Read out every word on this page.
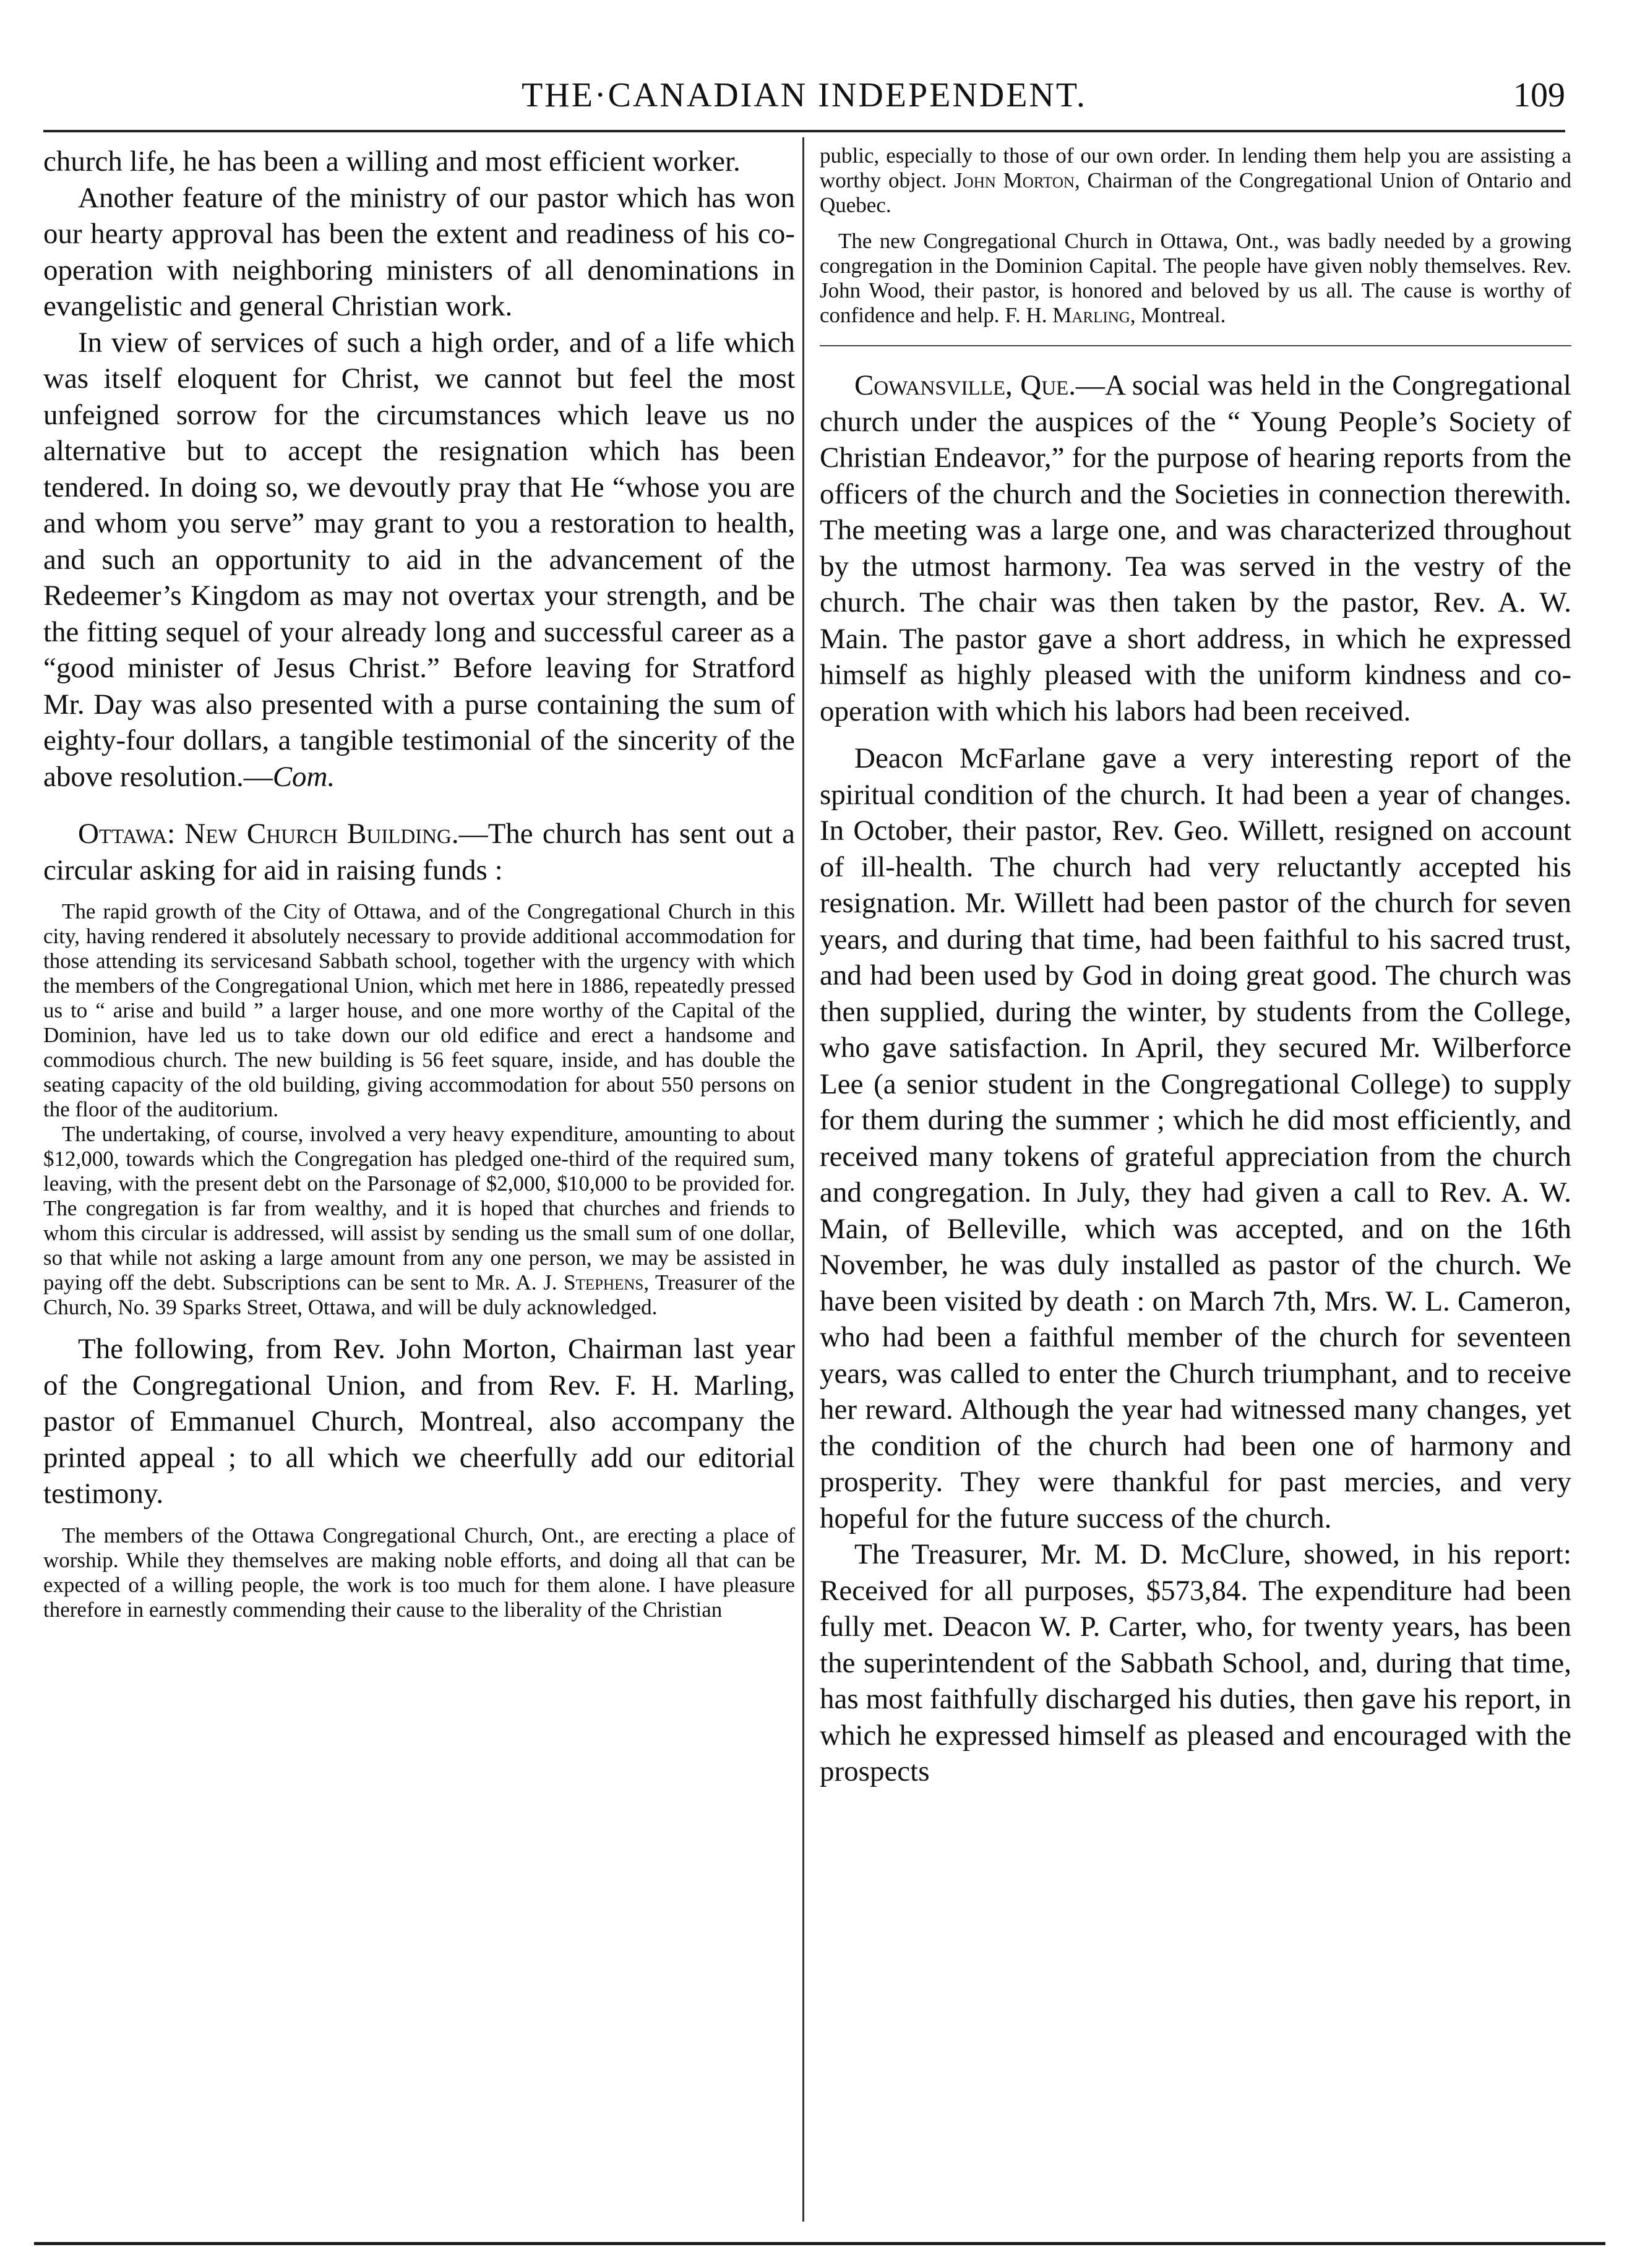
THE·CANADIAN INDEPENDENT.	109

church life, he has been a willing and most efficient worker.

Another feature of the ministry of our pastor which has won our hearty approval has been the extent and readiness of his co-operation with neighboring ministers of all denominations in evangelistic and general Christian work.

In view of services of such a high order, and of a life which was itself eloquent for Christ, we cannot but feel the most unfeigned sorrow for the circumstances which leave us no alternative but to accept the resignation which has been tendered. In doing so, we devoutly pray that He “whose you are and whom you serve” may grant to you a restoration to health, and such an opportunity to aid in the advancement of the Redeemer’s Kingdom as may not overtax your strength, and be the fitting sequel of your already long and successful career as a “good minister of Jesus Christ.” Before leaving for Stratford Mr. Day was also presented with a purse containing the sum of eighty-four dollars, a tangible testimonial of the sincerity of the above resolution.—Com.

Ottawa: New Church Building.—The church has sent out a circular asking for aid in raising funds :

The rapid growth of the City of Ottawa, and of the Congregational Church in this city, having rendered it absolutely necessary to provide additional accommodation for those attending its servicesand Sabbath school, together with the urgency with which the members of the Congregational Union, which met here in 1886, repeatedly pressed us to “ arise and build ” a larger house, and one more worthy of the Capital of the Dominion, have led us to take down our old edifice and erect a handsome and commodious church. The new building is 56 feet square, inside, and has double the seating capacity of the old building, giving accommodation for about 550 persons on the floor of the auditorium.

The undertaking, of course, involved a very heavy expenditure, amounting to about $12,000, towards which the Congregation has pledged one-third of the required sum, leaving, with the present debt on the Parsonage of $2,000, $10,000 to be provided for. The congregation is far from wealthy, and it is hoped that churches and friends to whom this circular is addressed, will assist by sending us the small sum of one dollar, so that while not asking a large amount from any one person, we may be assisted in paying off the debt. Subscriptions can be sent to Mr. A. J. Stephens, Treasurer of the Church, No. 39 Sparks Street, Ottawa, and will be duly acknowledged.

The following, from Rev. John Morton, Chairman last year of the Congregational Union, and from Rev. F. H. Marling, pastor of Emmanuel Church, Montreal, also accompany the printed appeal ; to all which we cheerfully add our editorial testimony.

The members of the Ottawa Congregational Church, Ont., are erecting a place of worship. While they themselves are making noble efforts, and doing all that can be expected of a willing people, the work is too much for them alone. I have pleasure therefore in earnestly commending their cause to the liberality of the Christian

public, especially to those of our own order. In lending them help you are assisting a worthy object. John Morton, Chairman of the Congregational Union of Ontario and Quebec.

The new Congregational Church in Ottawa, Ont., was badly needed by a growing congregation in the Dominion Capital. The people have given nobly themselves. Rev. John Wood, their pastor, is honored and beloved by us all. The cause is worthy of confidence and help. F. H. Marling, Montreal.

Cowansville, Que.—A social was held in the Congregational church under the auspices of the “ Young People’s Society of Christian Endeavor,” for the purpose of hearing reports from the officers of the church and the Societies in connection therewith. The meeting was a large one, and was characterized throughout by the utmost harmony. Tea was served in the vestry of the church. The chair was then taken by the pastor, Rev. A. W. Main. The pastor gave a short address, in which he expressed himself as highly pleased with the uniform kindness and co-operation with which his labors had been received.

Deacon McFarlane gave a very interesting report of the spiritual condition of the church. It had been a year of changes. In October, their pastor, Rev. Geo. Willett, resigned on account of ill-health. The church had very reluctantly accepted his resignation. Mr. Willett had been pastor of the church for seven years, and during that time, had been faithful to his sacred trust, and had been used by God in doing great good. The church was then supplied, during the winter, by students from the College, who gave satisfaction. In April, they secured Mr. Wilberforce Lee (a senior student in the Congregational College) to supply for them during the summer ; which he did most efficiently, and received many tokens of grateful appreciation from the church and congregation. In July, they had given a call to Rev. A. W. Main, of Belleville, which was accepted, and on the 16th November, he was duly installed as pastor of the church. We have been visited by death : on March 7th, Mrs. W. L. Cameron, who had been a faithful member of the church for seventeen years, was called to enter the Church triumphant, and to receive her reward. Although the year had witnessed many changes, yet the condition of the church had been one of harmony and prosperity. They were thankful for past mercies, and very hopeful for the future success of the church.

The Treasurer, Mr. M. D. McClure, showed, in his report: Received for all purposes, $573,84. The expenditure had been fully met. Deacon W. P. Carter, who, for twenty years, has been the superintendent of the Sabbath School, and, during that time, has most faithfully discharged his duties, then gave his report, in which he expressed himself as pleased and encouraged with the prospects
